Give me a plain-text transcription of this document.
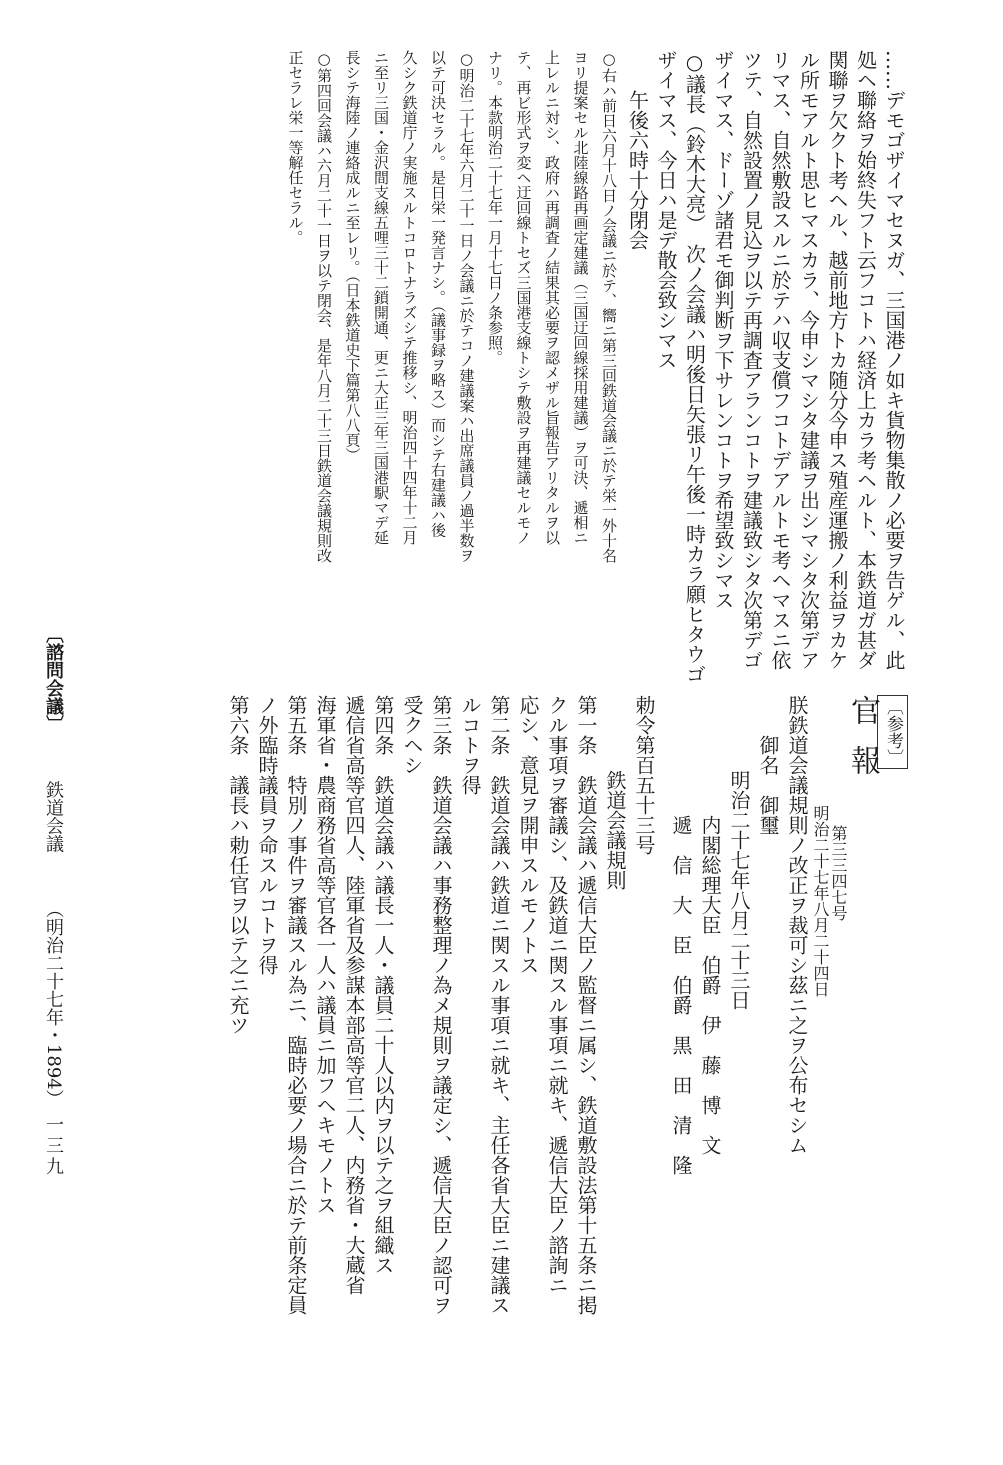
……デモゴザイマセヌガ、三国港ノ如キ貨物集散ノ必要ヲ告ゲル、此

処ヘ聯絡ヲ始終失フト云フコトハ経済上カラ考ヘルト、本鉄道ガ甚ダ

関聯ヲ欠クト考ヘル、越前地方トカ随分今申ス殖産運搬ノ利益ヲカケ

ル所モアルト思ヒマスカラ、今申シマシタ建議ヲ出シマシタ次第デア

リマス、自然敷設スルニ於テハ収支償フコトデアルトモ考ヘマスニ依

ツテ、自然設置ノ見込ヲ以テ再調査アランコトヲ建議致シタ次第デゴ

ザイマス、ドーゾ諸君モ御判断ヲ下サレンコトヲ希望致シマス

○議長（鈴木大亮）　次ノ会議ハ明後日矢張リ午後一時カラ願ヒタウゴ

ザイマス、今日ハ是デ散会致シマス

午後六時十分閉会

○右ハ前日六月十八日ノ会議ニ於テ、嚮ニ第三回鉄道会議ニ於テ栄一外十名

ヨリ提案セル北陸線路再画定建議（三国迂回線採用建議）ヲ可決、遞相ニ

上レルニ対シ、政府ハ再調査ノ結果其必要ヲ認メザル旨報告アリタルヲ以

テ、再ビ形式ヲ変ヘ迂回線トセズ三国港支線トシテ敷設ヲ再建議セルモノ

ナリ。本款明治二十七年一月十七日ノ条参照。

○明治二十七年六月二十一日ノ会議ニ於テコノ建議案ハ出席議員ノ過半数ヲ

以テ可決セラル。是日栄一発言ナシ。（議事録ヲ略ス）而シテ右建議ハ後

久シク鉄道庁ノ実施スルトコロトナラズシテ推移シ、明治四十四年十二月

ニ至リ三国・金沢間支線五哩三十二鎖開通、更ニ大正三年三国港駅マデ延

長シテ海陸ノ連絡成ルニ至レリ。（日本鉄道史下篇第八八頁）

○第四回会議ハ六月二十一日ヲ以テ閉会、是年八月二十三日鉄道会議規則改

正セラレ栄一等解任セラル。

〔諮問会議〕 　　 鉄道会議 　　 （明治二十七年・1894）

〔参考〕

官報

第三三四七号

明治二十七年八月二十四日

朕鉄道会議規則ノ改正ヲ裁可シ茲ニ之ヲ公布セシム

御名　御璽

明治二十七年八月二十三日

内閣総理大臣　伯爵　伊　藤　博　文

遞　信　大　臣　伯爵　黒　田　清　隆

勅令第百五十三号

鉄道会議規則

第一条　鉄道会議ハ遞信大臣ノ監督ニ属シ、鉄道敷設法第十五条ニ掲

クル事項ヲ審議シ、及鉄道ニ関スル事項ニ就キ、遞信大臣ノ諮詢ニ

応シ、意見ヲ開申スルモノトス

第二条　鉄道会議ハ鉄道ニ関スル事項ニ就キ、主任各省大臣ニ建議ス

ルコトヲ得

第三条　鉄道会議ハ事務整理ノ為メ規則ヲ議定シ、遞信大臣ノ認可ヲ

受クヘシ

第四条　鉄道会議ハ議長一人・議員二十人以内ヲ以テ之ヲ組織ス

遞信省高等官四人、陸軍省及参謀本部高等官二人、内務省・大蔵省

海軍省・農商務省高等官各一人ハ議員ニ加フヘキモノトス

第五条　特別ノ事件ヲ審議スル為ニ、臨時必要ノ場合ニ於テ前条定員

ノ外臨時議員ヲ命スルコトヲ得

第六条　議長ハ勅任官ヲ以テ之ニ充ツ

一三九
